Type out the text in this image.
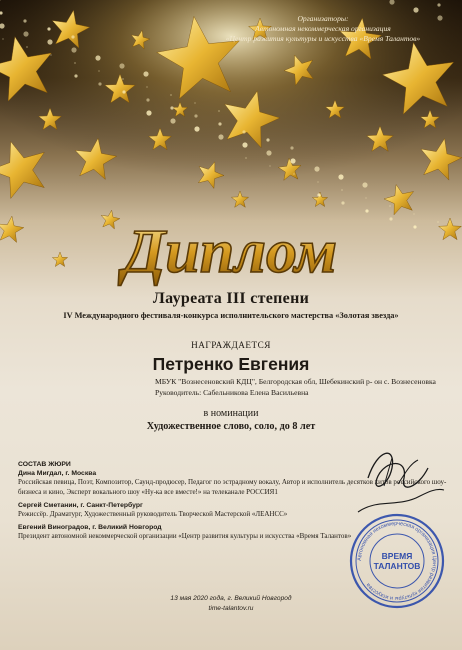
Организаторы:
Автономная некоммерческая организация
«Центр развития культуры и искусства «Время Талантов»
Диплом
Лауреата III степени
IV Международного фестиваля-конкурса исполнительского мастерства «Золотая звезда»
НАГРАЖДАЕТСЯ
Петренко Евгения
МБУК "Вознесеновский КДЦ", Белгородская обл, Шебекинский р- он с. Вознесеновка
Руководитель: Сабельникова Елена Васильевна
в номинации
Художественное слово, соло, до 8 лет
СОСТАВ ЖЮРИ
Дина Мигдал, г. Москва
Российская певица, Поэт, Композитор, Саунд-продюсер, Педагог по эстрадному вокалу, Автор и исполнитель десятков хитов российского шоу-бизнеса и кино, Эксперт вокального шоу «Ну-ка все вместе!» на телеканале РОССИЯ1
Сергей Сметанин, г. Санкт-Петербург
Режиссёр. Драматург, Художественный руководитель Творческой Мастерской «ЛЕАНСС»
Евгений Виноградов, г. Великий Новгород
Президент автономной некоммерческой организации «Центр развития культуры и искусства «Время Талантов»
Автономная некоммерческая организация Центр развития культуры и искусства
ВРЕМЯ ТАЛАНТОВ
13 мая 2020 года, г. Великий Новгород
time-talantov.ru
